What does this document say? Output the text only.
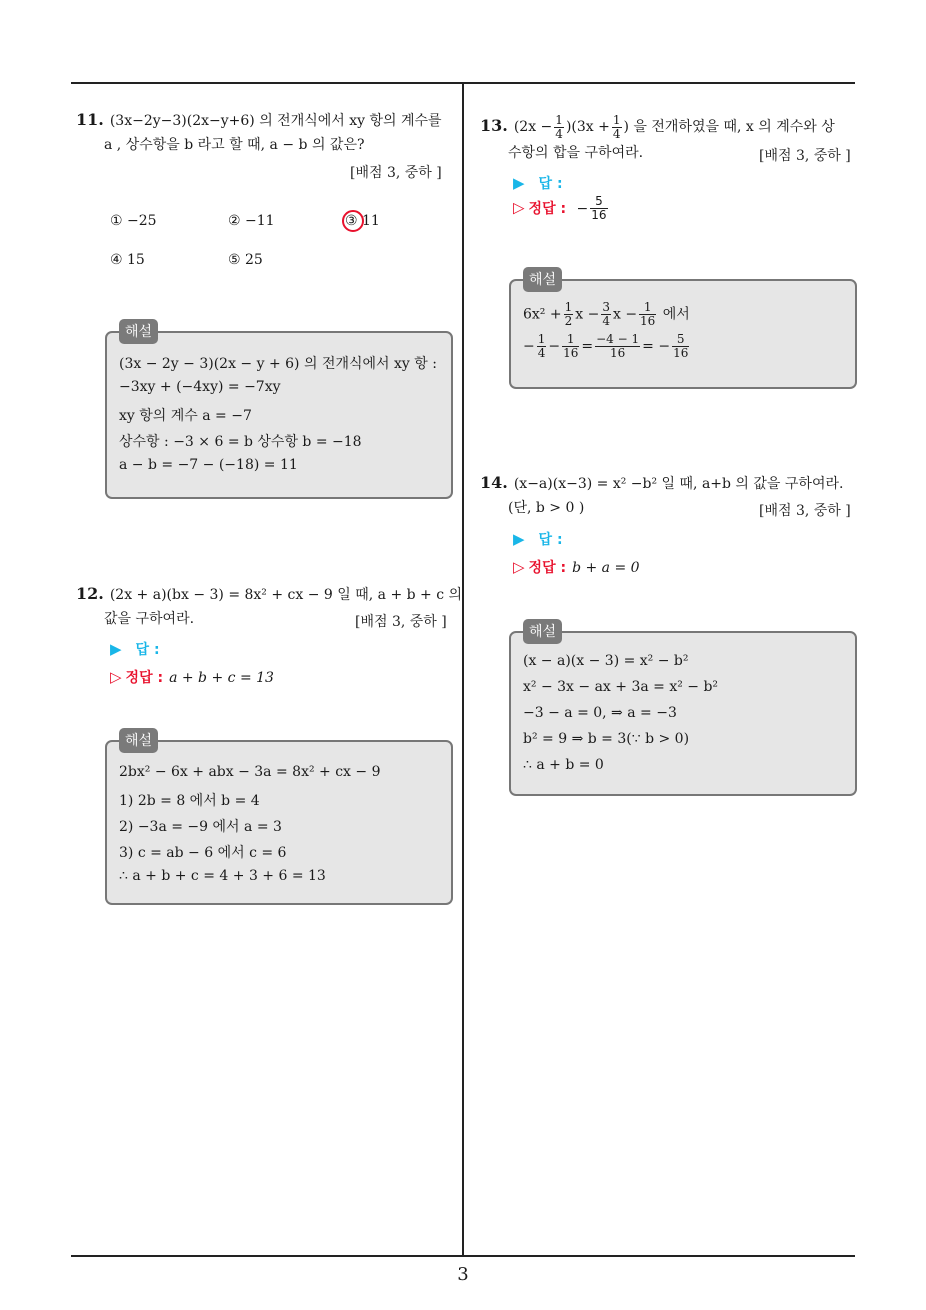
11. (3x−2y−3)(2x−y+6) 의 전개식에서 xy 항의 계수를
a , 상수항을 b 라고 할 때, a − b 의 값은?
[배점 3, 중하 ]
① −25	② −11	③ 11
④ 15	⑤ 25
해설
(3x − 2y − 3)(2x − y + 6) 의 전개식에서 xy 항 :
−3xy + (−4xy) = −7xy
xy 항의 계수 a = −7
상수항 : −3 × 6 = b 상수항 b = −18
a − b = −7 − (−18) = 11
12. (2x + a)(bx − 3) = 8x² + cx − 9 일 때, a + b + c 의
값을 구하여라.	[배점 3, 중하 ]
▶ 답 :
▷ 정답 : a + b + c = 13
해설
2bx² − 6x + abx − 3a = 8x² + cx − 9
1) 2b = 8 에서 b = 4
2) −3a = −9 에서 a = 3
3) c = ab − 6 에서 c = 6
∴ a + b + c = 4 + 3 + 6 = 13
13. $(2x - \frac{1}{4} )(3x + \frac{1}{4}$ ) 을 전개하였을 때, x 의 계수와 상
수항의 합을 구하여라.	[배점 3, 중하 ]
▶ 답 :
▷ 정답 : − $\frac{5}{16}$
해설
$6x^2 + \frac{1}{2}$ $x - \frac{3}{4}$ $x - \frac{1}{16}$ 에서
− $\frac{1}{4} - \frac{1}{16} = \frac{-4 - 1}{16}$ = − $\frac{5}{16}$
14. (x−a)(x−3) = x² −b² 일 때, a+b 의 값을 구하여라.
(단, b > 0 )	[배점 3, 중하 ]
▶ 답 :
▷ 정답 : b + a = 0
해설
(x − a)(x − 3) = x² − b²
x² − 3x − ax + 3a = x² − b²
−3 − a = 0, ⇒ a = −3
b² = 9 ⇒ b = 3(∵ b > 0)
∴ a + b = 0
3
